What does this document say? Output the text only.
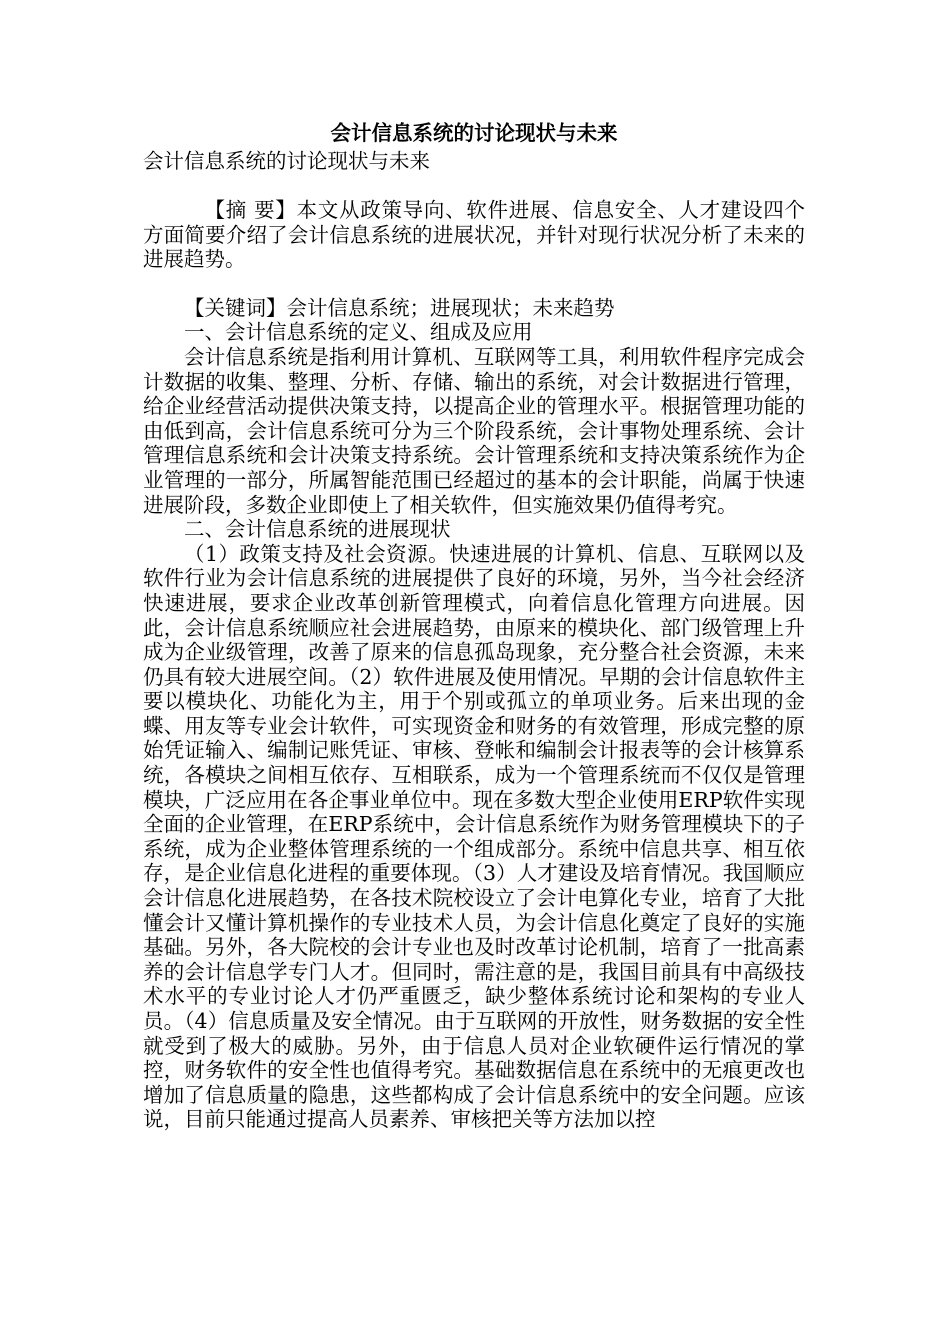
会计信息系统的讨论现状与未来

会计信息系统的讨论现状与未来

【摘 要】本文从政策导向、软件进展、信息安全、人才建设四个方面简要介绍了会计信息系统的进展状况，并针对现行状况分析了未来的进展趋势。

【关键词】会计信息系统；进展现状；未来趋势

一、会计信息系统的定义、组成及应用

会计信息系统是指利用计算机、互联网等工具，利用软件程序完成会计数据的收集、整理、分析、存储、输出的系统，对会计数据进行管理，给企业经营活动提供决策支持，以提高企业的管理水平。根据管理功能的由低到高，会计信息系统可分为三个阶段系统，会计事物处理系统、会计管理信息系统和会计决策支持系统。会计管理系统和支持决策系统作为企业管理的一部分，所属智能范围已经超过的基本的会计职能，尚属于快速进展阶段，多数企业即使上了相关软件，但实施效果仍值得考究。

二、会计信息系统的进展现状

（1）政策支持及社会资源。快速进展的计算机、信息、互联网以及软件行业为会计信息系统的进展提供了良好的环境，另外，当今社会经济快速进展，要求企业改革创新管理模式，向着信息化管理方向进展。因此，会计信息系统顺应社会进展趋势，由原来的模块化、部门级管理上升成为企业级管理，改善了原来的信息孤岛现象，充分整合社会资源，未来仍具有较大进展空间。（2）软件进展及使用情况。早期的会计信息软件主要以模块化、功能化为主，用于个别或孤立的单项业务。后来出现的金蝶、用友等专业会计软件，可实现资金和财务的有效管理，形成完整的原始凭证输入、编制记账凭证、审核、登帐和编制会计报表等的会计核算系统，各模块之间相互依存、互相联系，成为一个管理系统而不仅仅是管理模块，广泛应用在各企事业单位中。现在多数大型企业使用ERP软件实现全面的企业管理，在ERP系统中，会计信息系统作为财务管理模块下的子系统，成为企业整体管理系统的一个组成部分。系统中信息共享、相互依存，是企业信息化进程的重要体现。（3）人才建设及培育情况。我国顺应会计信息化进展趋势，在各技术院校设立了会计电算化专业，培育了大批懂会计又懂计算机操作的专业技术人员，为会计信息化奠定了良好的实施基础。另外，各大院校的会计专业也及时改革讨论机制，培育了一批高素养的会计信息学专门人才。但同时，需注意的是，我国目前具有中高级技术水平的专业讨论人才仍严重匮乏，缺少整体系统讨论和架构的专业人员。（4）信息质量及安全情况。由于互联网的开放性，财务数据的安全性就受到了极大的威胁。另外，由于信息人员对企业软硬件运行情况的掌控，财务软件的安全性也值得考究。基础数据信息在系统中的无痕更改也增加了信息质量的隐患，这些都构成了会计信息系统中的安全问题。应该说，目前只能通过提高人员素养、审核把关等方法加以控
